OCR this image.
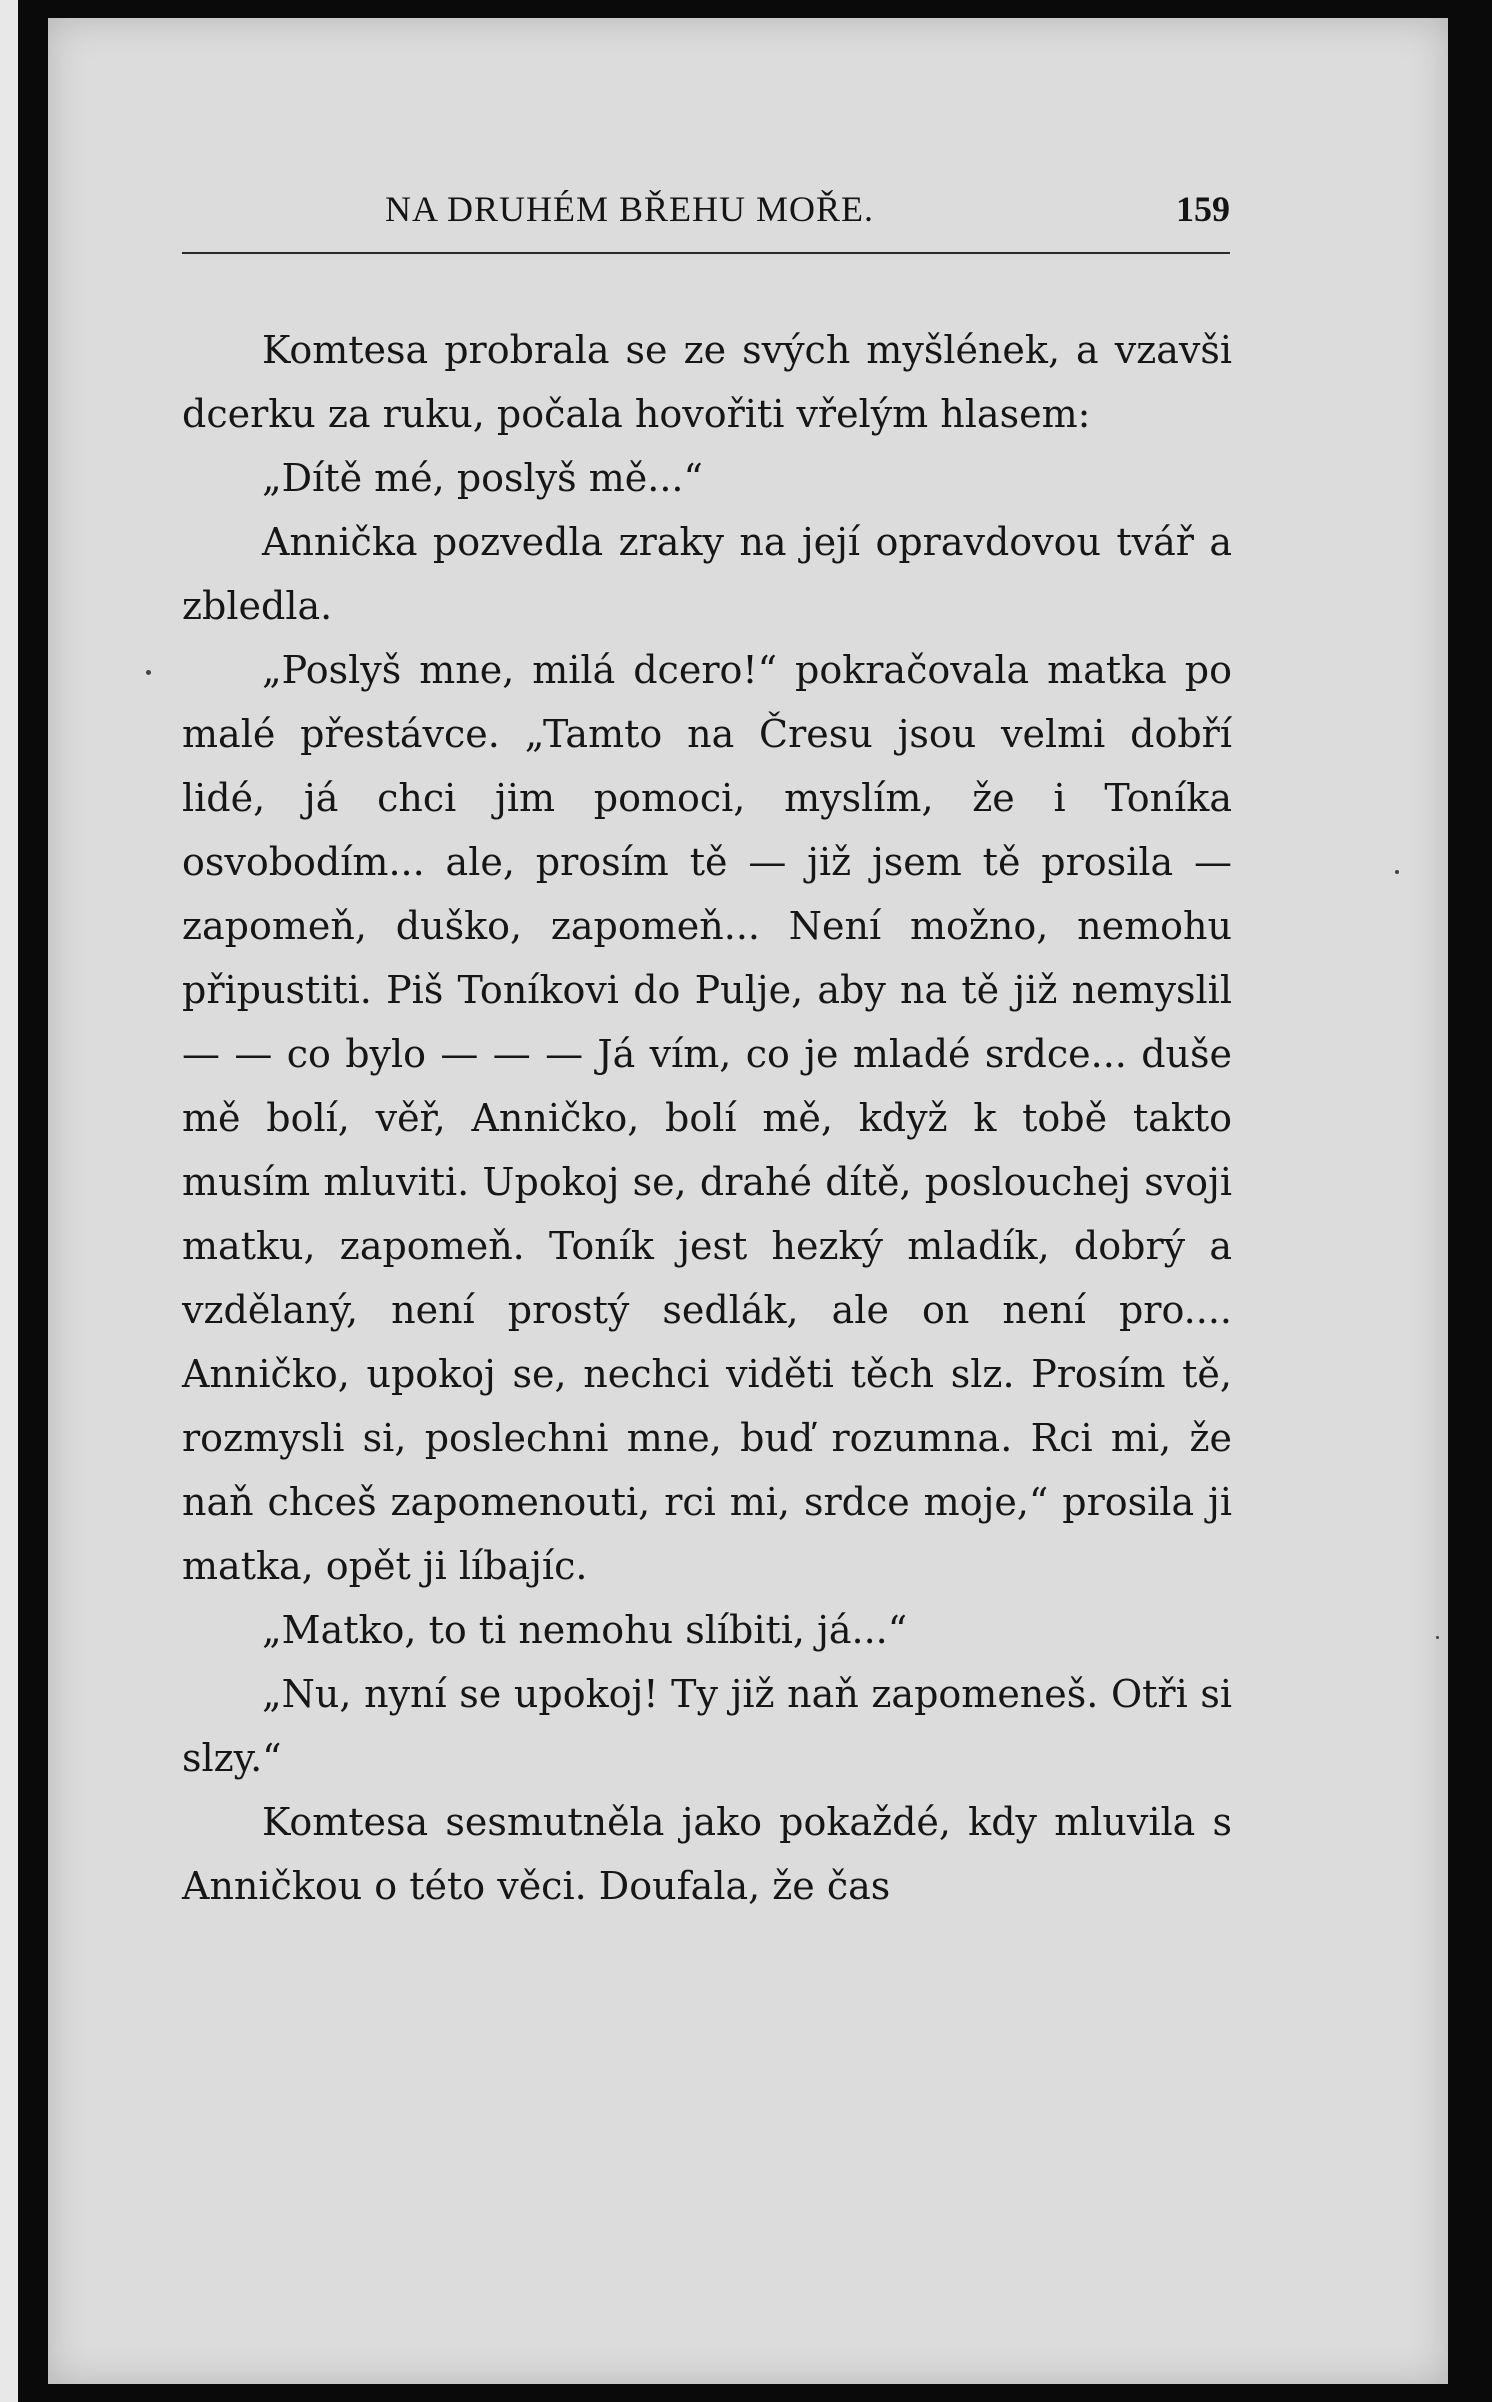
NA DRUHÉM BŘEHU MOŘE.	159

Komtesa probrala se ze svých myšlének, a vzavši dcerku za ruku, počala hovořiti vřelým hlasem:

„Dítě mé, poslyš mě...“

Annička pozvedla zraky na její opravdovou tvář a zbledla.

„Poslyš mne, milá dcero!“ pokračovala matka po malé přestávce. „Tamto na Čresu jsou velmi dobří lidé, já chci jim pomoci, myslím, že i Toníka osvobodím... ale, prosím tě — již jsem tě prosila — zapomeň, duško, zapomeň... Není možno, nemohu připustiti. Piš Toníkovi do Pulje, aby na tě již nemyslil — — co bylo — — — Já vím, co je mladé srdce... duše mě bolí, věř, Anničko, bolí mě, když k tobě takto musím mluviti. Upokoj se, drahé dítě, poslouchej svoji matku, zapomeň. Toník jest hezký mladík, dobrý a vzdělaný, není prostý sedlák, ale on není pro.... Anničko, upokoj se, nechci viděti těch slz. Prosím tě, rozmysli si, poslechni mne, buď rozumna. Rci mi, že naň chceš zapomenouti, rci mi, srdce moje,“ prosila ji matka, opět ji líbajíc.

„Matko, to ti nemohu slíbiti, já...“

„Nu, nyní se upokoj! Ty již naň zapomeneš. Otři si slzy.“

Komtesa sesmutněla jako pokaždé, kdy mluvila s Anničkou o této věci. Doufala, že čas
